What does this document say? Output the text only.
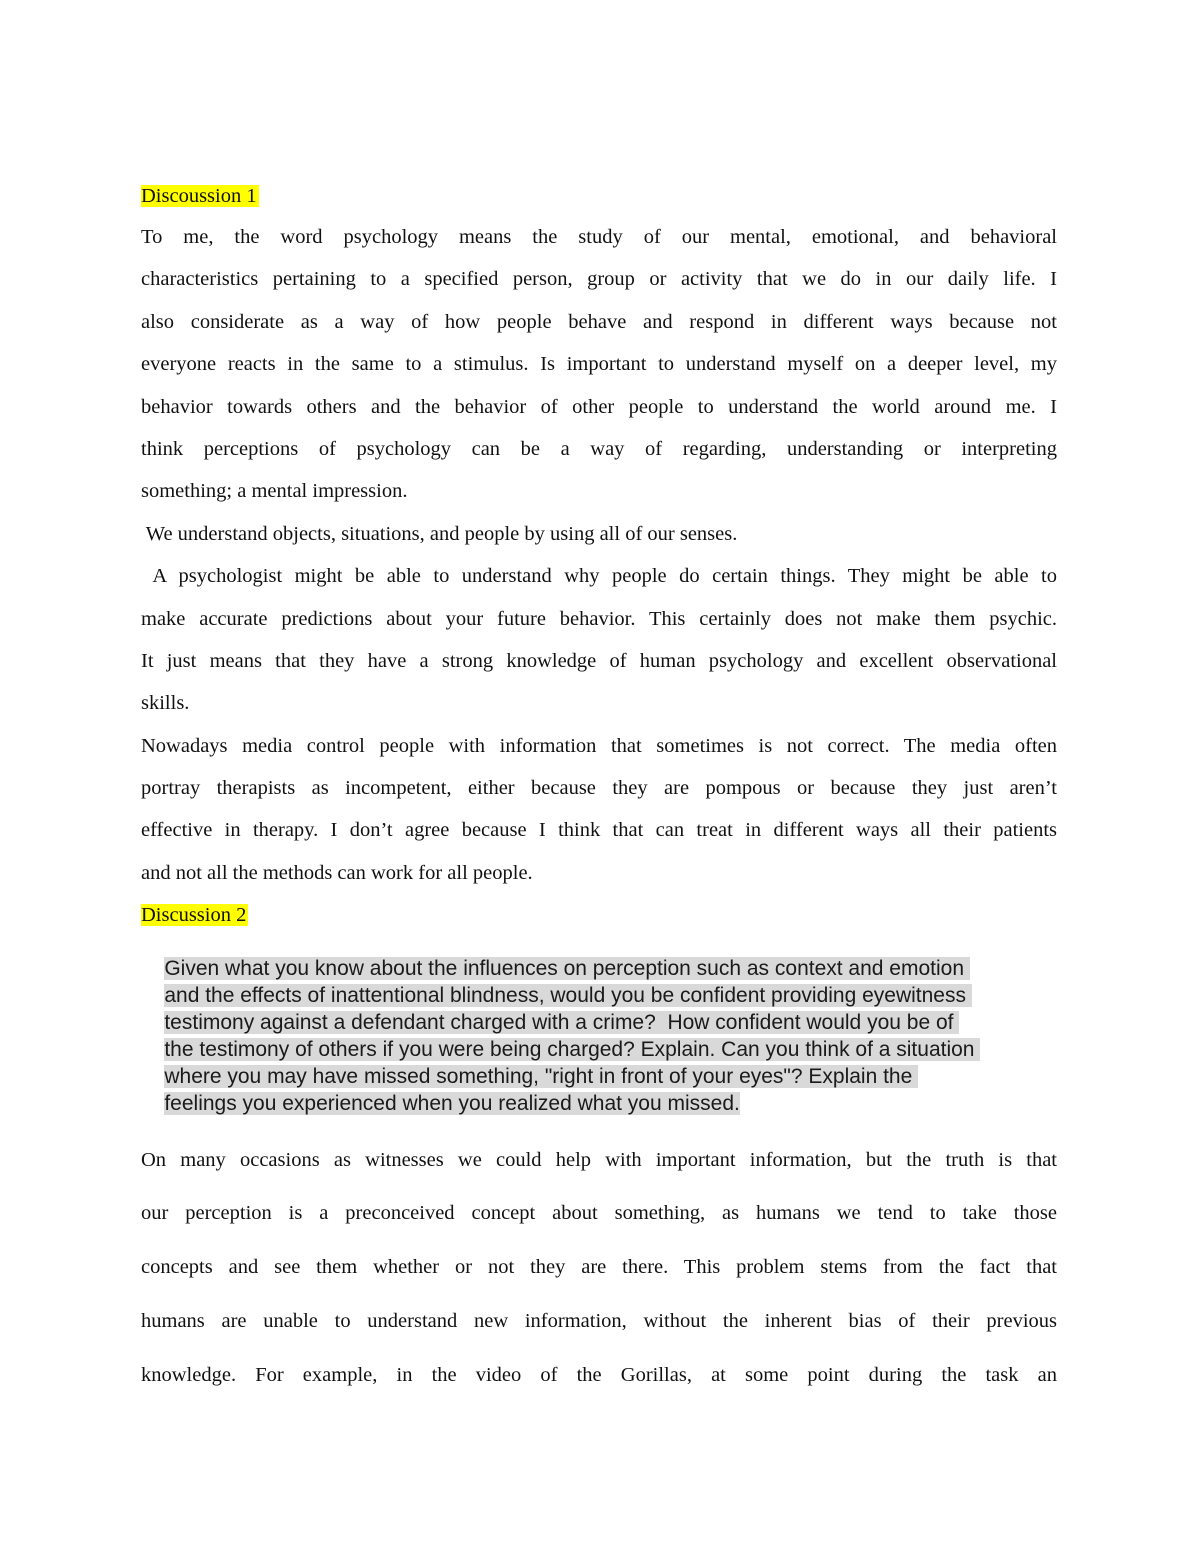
Discoussion 1
To me, the word psychology means the study of our mental, emotional, and behavioral
characteristics pertaining to a specified person, group or activity that we do in our daily life. I
also considerate as a way of how people behave and respond in different ways because not
everyone reacts in the same to a stimulus. Is important to understand myself on a deeper level, my
behavior towards others and the behavior of other people to understand the world around me. I
think perceptions of psychology can be a way of regarding, understanding or interpreting
something; a mental impression.
We understand objects, situations, and people by using all of our senses.
A psychologist might be able to understand why people do certain things. They might be able to
make accurate predictions about your future behavior. This certainly does not make them psychic.
It just means that they have a strong knowledge of human psychology and excellent observational
skills.
Nowadays media control people with information that sometimes is not correct. The media often
portray therapists as incompetent, either because they are pompous or because they just aren’t
effective in therapy. I don’t agree because I think that can treat in different ways all their patients
and not all the methods can work for all people.
Discussion 2

Given what you know about the influences on perception such as context and emotion

and the effects of inattentional blindness, would you be confident providing eyewitness

testimony against a defendant charged with a crime?  How confident would you be of

the testimony of others if you were being charged? Explain. Can you think of a situation

where you may have missed something, "right in front of your eyes"? Explain the

feelings you experienced when you realized what you missed.

On many occasions as witnesses we could help with important information, but the truth is that
our perception is a preconceived concept about something, as humans we tend to take those
concepts and see them whether or not they are there. This problem stems from the fact that
humans are unable to understand new information, without the inherent bias of their previous
knowledge. For example, in the video of the Gorillas, at some point during the task an
